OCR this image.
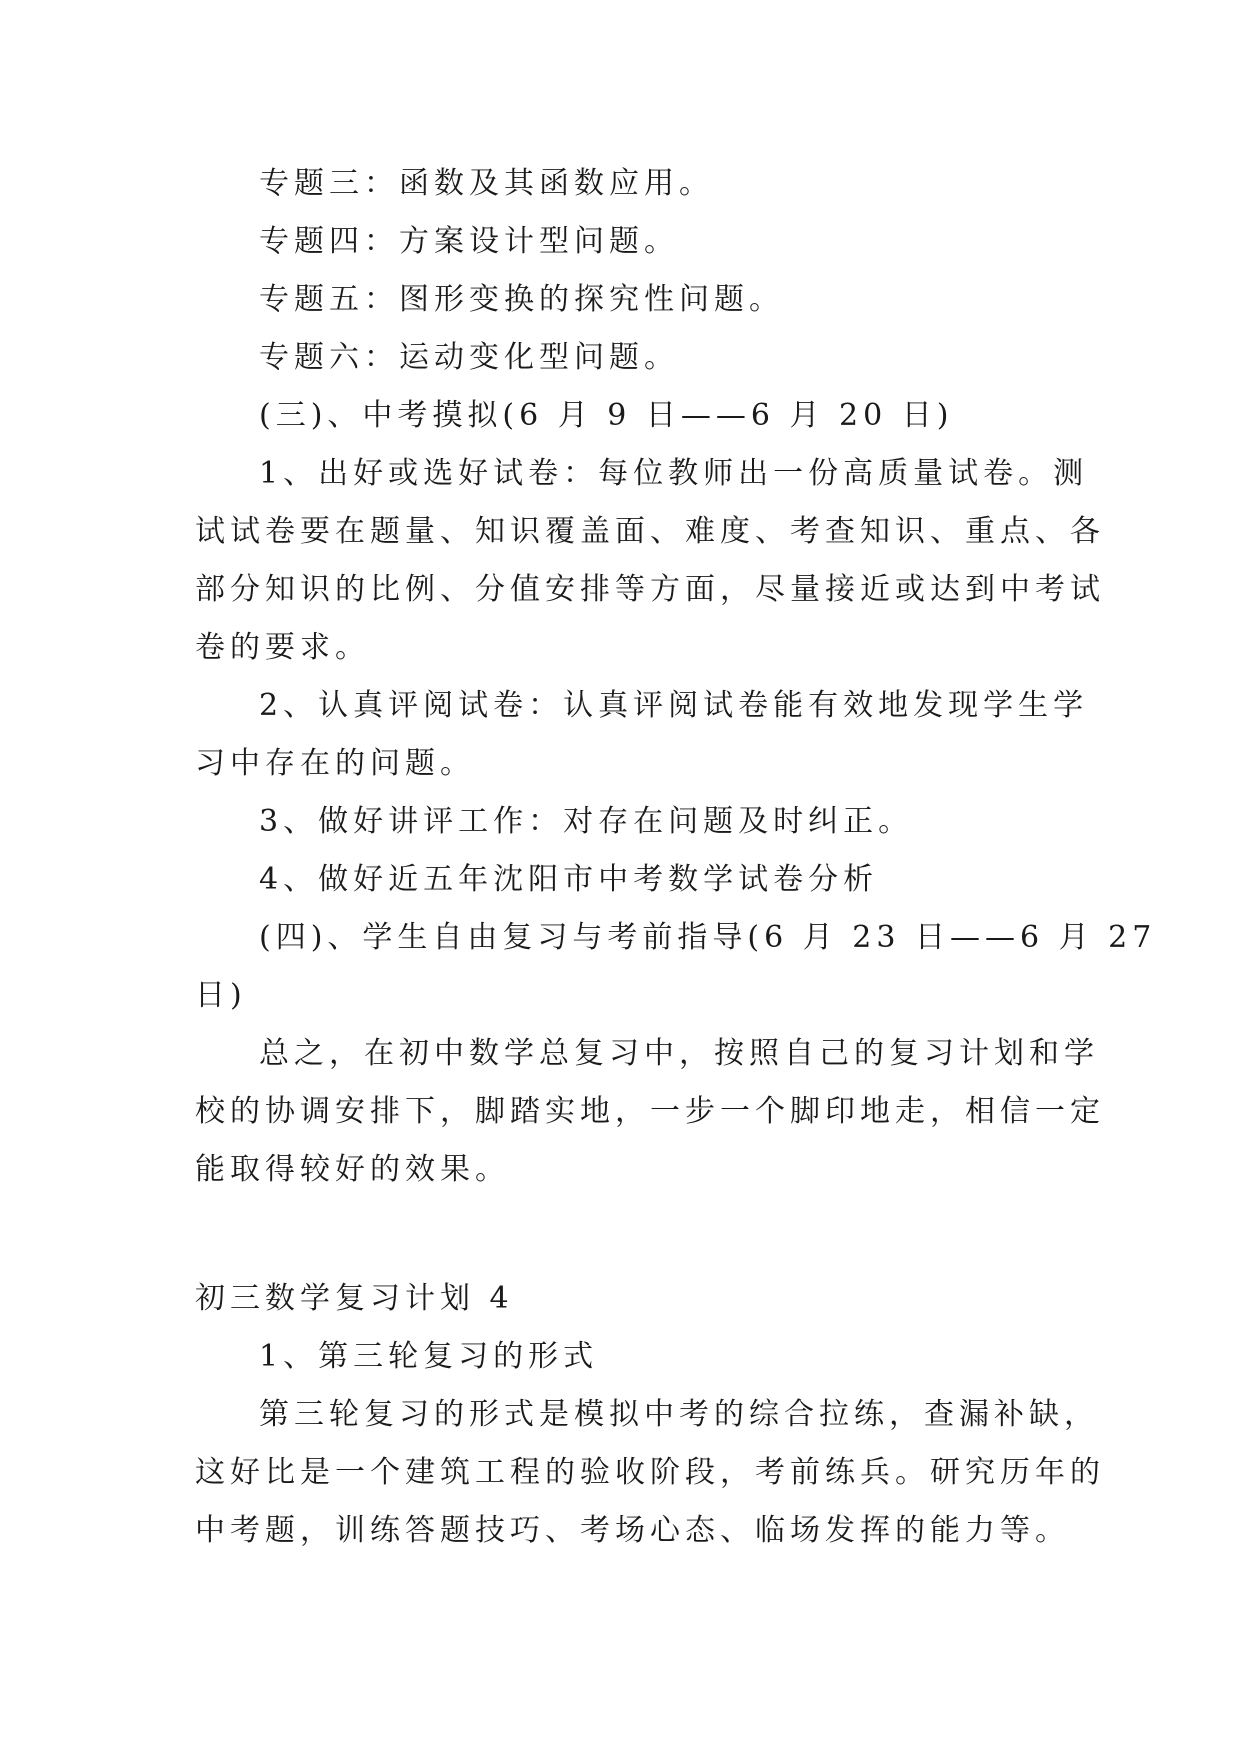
专题三：函数及其函数应用。
专题四：方案设计型问题。
专题五：图形变换的探究性问题。
专题六：运动变化型问题。
(三)、中考摸拟(6 月 9 日——6 月 20 日)
1、出好或选好试卷：每位教师出一份高质量试卷。测
试试卷要在题量、知识覆盖面、难度、考查知识、重点、各
部分知识的比例、分值安排等方面，尽量接近或达到中考试
卷的要求。
2、认真评阅试卷：认真评阅试卷能有效地发现学生学
习中存在的问题。
3、做好讲评工作：对存在问题及时纠正。
4、做好近五年沈阳市中考数学试卷分析
(四)、学生自由复习与考前指导(6 月 23 日——6 月 27
日)
总之，在初中数学总复习中，按照自己的复习计划和学
校的协调安排下，脚踏实地，一步一个脚印地走，相信一定
能取得较好的效果。
初三数学复习计划 4
1、第三轮复习的形式
第三轮复习的形式是模拟中考的综合拉练，查漏补缺，
这好比是一个建筑工程的验收阶段，考前练兵。研究历年的
中考题，训练答题技巧、考场心态、临场发挥的能力等。
